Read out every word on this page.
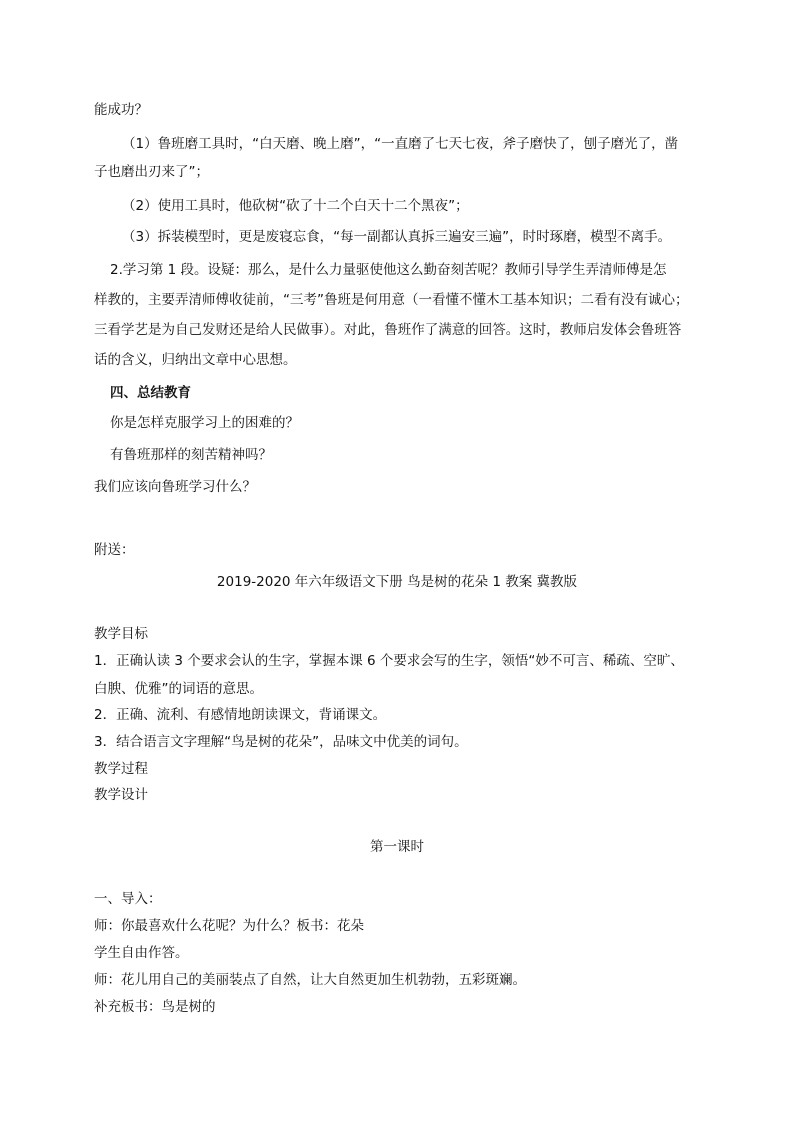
能成功？
（1）鲁班磨工具时，“白天磨、晚上磨”，“一直磨了七天七夜，斧子磨快了，刨子磨光了，凿
子也磨出刃来了”；
（2）使用工具时，他砍树“砍了十二个白天十二个黑夜”；
（3）拆装模型时，更是废寝忘食，“每一副都认真拆三遍安三遍”，时时琢磨，模型不离手。
2.学习第 1 段。设疑：那么，是什么力量驱使他这么勤奋刻苦呢？教师引导学生弄清师傅是怎
样教的，主要弄清师傅收徒前，“三考”鲁班是何用意（一看懂不懂木工基本知识；二看有没有诚心；
三看学艺是为自己发财还是给人民做事）。对此，鲁班作了满意的回答。这时，教师启发体会鲁班答
话的含义，归纳出文章中心思想。
四、总结教育
你是怎样克服学习上的困难的？
有鲁班那样的刻苦精神吗？
我们应该向鲁班学习什么？
附送：
2019-2020 年六年级语文下册 鸟是树的花朵 1 教案 冀教版
教学目标
1．正确认读 3 个要求会认的生字，掌握本课 6 个要求会写的生字，领悟“妙不可言、稀疏、空旷、
白腴、优雅”的词语的意思。
2．正确、流利、有感情地朗读课文，背诵课文。
3．结合语言文字理解“鸟是树的花朵”，品味文中优美的词句。
教学过程
教学设计
第一课时
一、导入：
师：你最喜欢什么花呢？为什么？板书：花朵
学生自由作答。
师：花儿用自己的美丽装点了自然，让大自然更加生机勃勃，五彩斑斓。
补充板书：鸟是树的
